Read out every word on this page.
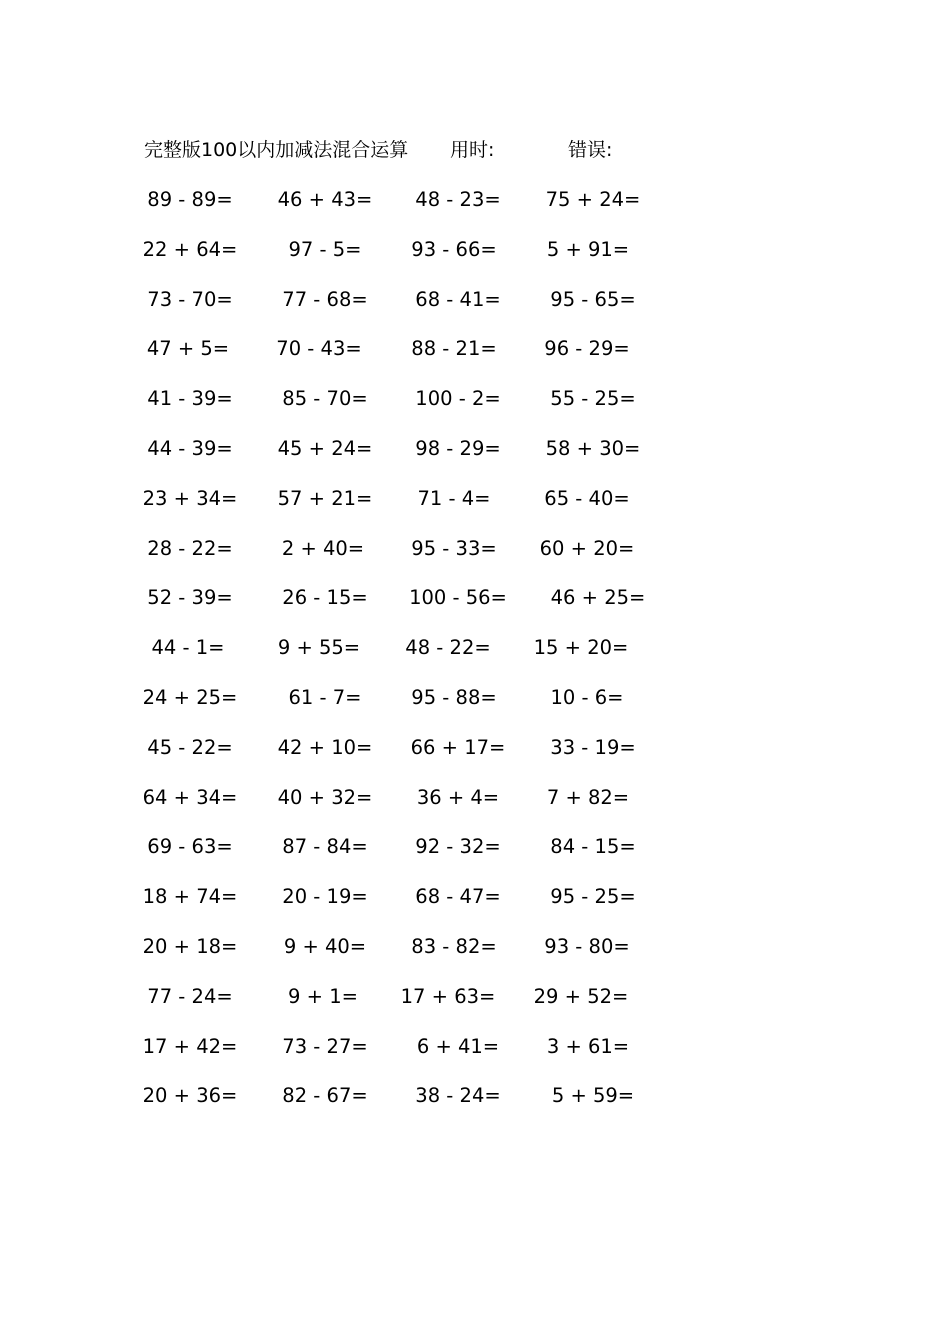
完整版100以内加减法混合运算 用时:	错误:
89 - 89=	46 + 43=	48 - 23=	75 + 24=
22 + 64=	97 - 5=	93 - 66=	5 + 91=
73 - 70=	77 - 68=	68 - 41=	95 - 65=
47 + 5=	70 - 43=	88 - 21=	96 - 29=
41 - 39=	85 - 70=	100 - 2=	55 - 25=
44 - 39=	45 + 24=	98 - 29=	58 + 30=
23 + 34=	57 + 21=	71 - 4=	65 - 40=
28 - 22=	2 + 40=	95 - 33=	60 + 20=
52 - 39=	26 - 15=	100 - 56=	46 + 25=
44 - 1=	9 + 55=	48 - 22=	15 + 20=
24 + 25=	61 - 7=	95 - 88=	10 - 6=
45 - 22=	42 + 10=	66 + 17=	33 - 19=
64 + 34=	40 + 32=	36 + 4=	7 + 82=
69 - 63=	87 - 84=	92 - 32=	84 - 15=
18 + 74=	20 - 19=	68 - 47=	95 - 25=
20 + 18=	9 + 40=	83 - 82=	93 - 80=
77 - 24=	9 + 1=	17 + 63=	29 + 52=
17 + 42=	73 - 27=	6 + 41=	3 + 61=
20 + 36=	82 - 67=	38 - 24=	5 + 59=
